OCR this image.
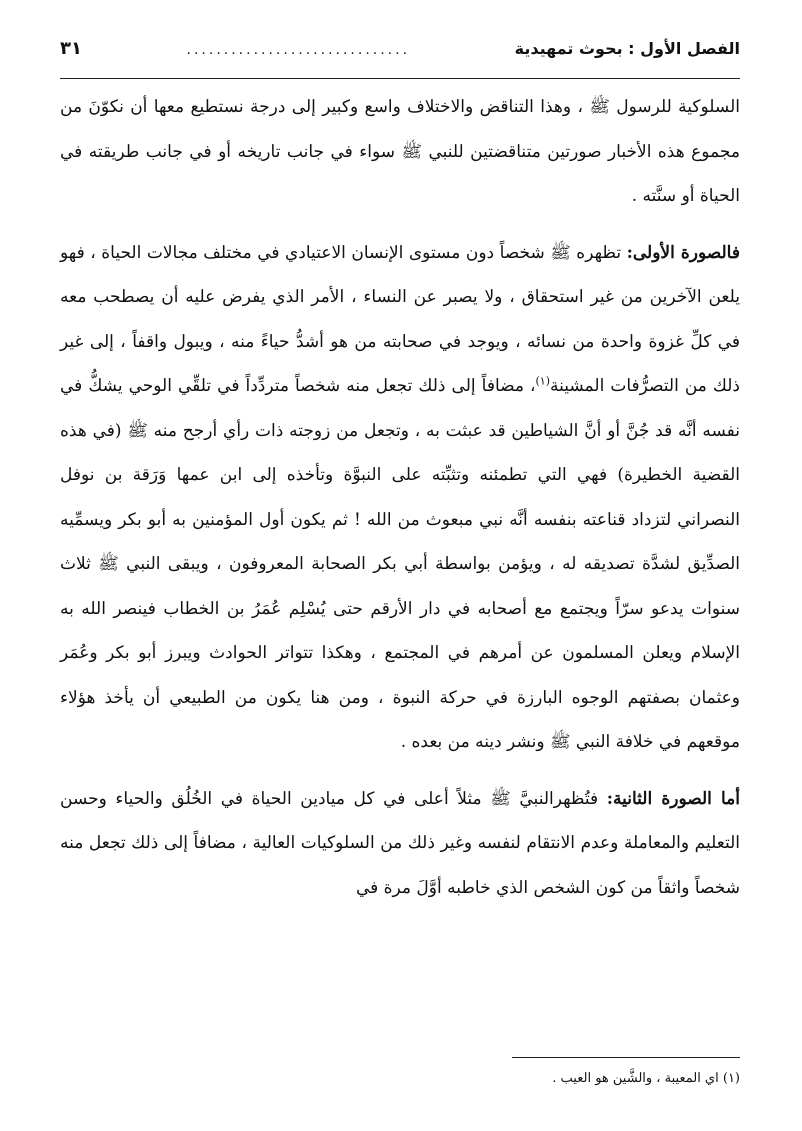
الفصل الأول : بحوث تمهيدية
..............................
٣١

السلوكية للرسول ﷺ ، وهذا التناقض والاختلاف واسع وكبير إلى درجة نستطيع معها أن نكوّنَ من مجموع هذه الأخبار صورتين متناقضتين للنبي ﷺ سواء في جانب تاريخه أو في جانب طريقته في الحياة أو سنَّته .

فالصورة الأولى: تظهره ﷺ شخصاً دون مستوى الإنسان الاعتيادي في مختلف مجالات الحياة ، فهو يلعن الآخرين من غير استحقاق ، ولا يصبر عن النساء ، الأمر الذي يفرض عليه أن يصطحب معه في كلِّ غزوة واحدة من نسائه ، ويوجد في صحابته من هو أشدُّ حياءً منه ، ويبول واقفاً ، إلى غير ذلك من التصرُّفات المشينة$^{(١)}$، مضافاً إلى ذلك تجعل منه شخصاً متردِّداً في تلقِّي الوحي يشكُّ في نفسه أنَّه قد جُنَّ أو أنَّ الشياطين قد عبثت به ، وتجعل من زوجته ذات رأي أرجح منه ﷺ (في هذه القضية الخطيرة) فهي التي تطمئنه وتثبِّته على النبوَّة وتأخذه إلى ابن عمها وَرَقة بن نوفل النصراني لتزداد قناعته بنفسه أنَّه نبي مبعوث من الله ! ثم يكون أول المؤمنين به أبو بكر ويسمِّيه الصدِّيق لشدَّة تصديقه له ، ويؤمن بواسطة أبي بكر الصحابة المعروفون ، ويبقى النبي ﷺ ثلاث سنوات يدعو سرّاً ويجتمع مع أصحابه في دار الأرقم حتى يُسْلِم عُمَرُ بن الخطاب فينصر الله به الإسلام ويعلن المسلمون عن أمرهم في المجتمع ، وهكذا تتواتر الحوادث ويبرز أبو بكر وعُمَر وعثمان بصفتهم الوجوه البارزة في حركة النبوة ، ومن هنا يكون من الطبيعي أن يأخذ هؤلاء موقعهم في خلافة النبي ﷺ ونشر دينه من بعده .

أما الصورة الثانية: فتُظهرالنبيَّ ﷺ مثلاً أعلى في كل ميادين الحياة في الخُلُق والحياء وحسن التعليم والمعاملة وعدم الانتقام لنفسه وغير ذلك من السلوكيات العالية ، مضافاً إلى ذلك تجعل منه شخصاً واثقاً من كون الشخص الذي خاطبه أوَّلَ مرة في

(١) اي المعيبة ، والشَّين هو العيب .
